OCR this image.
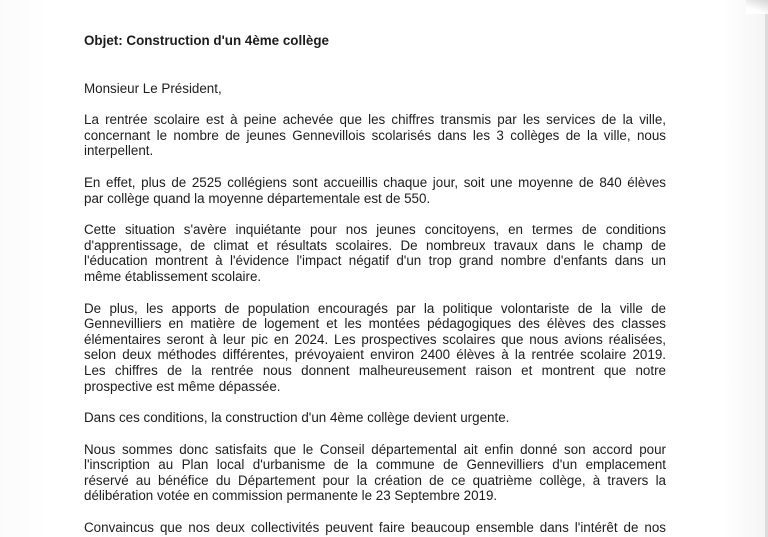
Objet: Construction d'un 4ème collège
Monsieur Le Président,
La rentrée scolaire est à peine achevée que les chiffres transmis par les services de la ville,
concernant le nombre de jeunes Gennevillois scolarisés dans les 3 collèges de la ville, nous
interpellent.
En effet, plus de 2525 collégiens sont accueillis chaque jour, soit une moyenne de 840 élèves
par collège quand la moyenne départementale est de 550.
Cette situation s'avère inquiétante pour nos jeunes concitoyens, en termes de conditions
d'apprentissage, de climat et résultats scolaires. De nombreux travaux dans le champ de
l'éducation montrent à l'évidence l'impact négatif d'un trop grand nombre d'enfants dans un
même établissement scolaire.
De plus, les apports de population encouragés par la politique volontariste de la ville de
Gennevilliers en matière de logement et les montées pédagogiques des élèves des classes
élémentaires seront à leur pic en 2024. Les prospectives scolaires que nous avions réalisées,
selon deux méthodes différentes, prévoyaient environ 2400 élèves à la rentrée scolaire 2019.
Les chiffres de la rentrée nous donnent malheureusement raison et montrent que notre
prospective est même dépassée.
Dans ces conditions, la construction d'un 4ème collège devient urgente.
Nous sommes donc satisfaits que le Conseil départemental ait enfin donné son accord pour
l'inscription au Plan local d'urbanisme de la commune de Gennevilliers d'un emplacement
réservé au bénéfice du Département pour la création de ce quatrième collège, à travers la
délibération votée en commission permanente le 23 Septembre 2019.
Convaincus que nos deux collectivités peuvent faire beaucoup ensemble dans l'intérêt de nos
